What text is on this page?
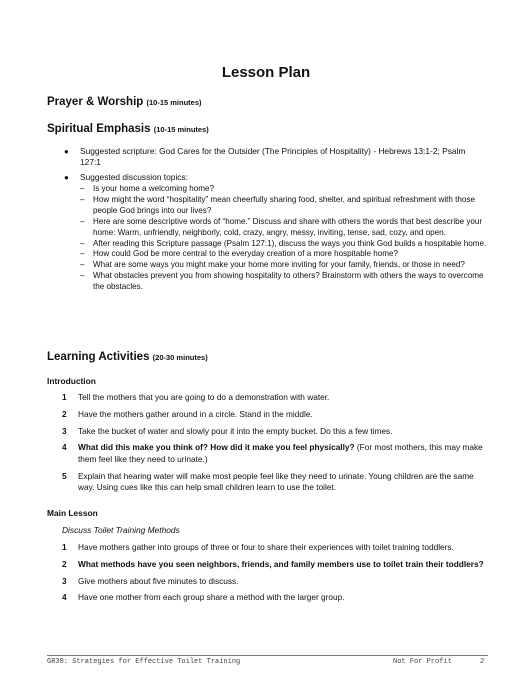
Lesson Plan
Prayer & Worship (10-15 minutes)
Spiritual Emphasis (10-15 minutes)
● Suggested scripture: God Cares for the Outsider (The Principles of Hospitality) - Hebrews 13:1-2; Psalm 127:1
● Suggested discussion topics:
– Is your home a welcoming home?
– How might the word “hospitality” mean cheerfully sharing food, shelter, and spiritual refreshment with those people God brings into our lives?
– Here are some descriptive words of “home.” Discuss and share with others the words that best describe your home: Warm, unfriendly, neighborly, cold, crazy, angry, messy, inviting, tense, sad, cozy, and open.
– After reading this Scripture passage (Psalm 127:1), discuss the ways you think God builds a hospitable home.
– How could God be more central to the everyday creation of a more hospitable home?
– What are some ways you might make your home more inviting for your family, friends, or those in need?
– What obstacles prevent you from showing hospitality to others? Brainstorm with others the ways to overcome the obstacles.
Learning Activities (20-30 minutes)
Introduction
1 Tell the mothers that you are going to do a demonstration with water.
2 Have the mothers gather around in a circle. Stand in the middle.
3 Take the bucket of water and slowly pour it into the empty bucket. Do this a few times.
4 What did this make you think of? How did it make you feel physically? (For most mothers, this may make them feel like they need to urinate.)
5 Explain that hearing water will make most people feel like they need to urinate. Young children are the same way. Using cues like this can help small children learn to use the toilet.
Main Lesson
Discuss Toilet Training Methods
1 Have mothers gather into groups of three or four to share their experiences with toilet training toddlers.
2 What methods have you seen neighbors, friends, and family members use to toilet train their toddlers?
3 Give mothers about five minutes to discuss.
4 Have one mother from each group share a method with the larger group.
GR30: Strategies for Effective Toilet Training	Not For Profit	2
